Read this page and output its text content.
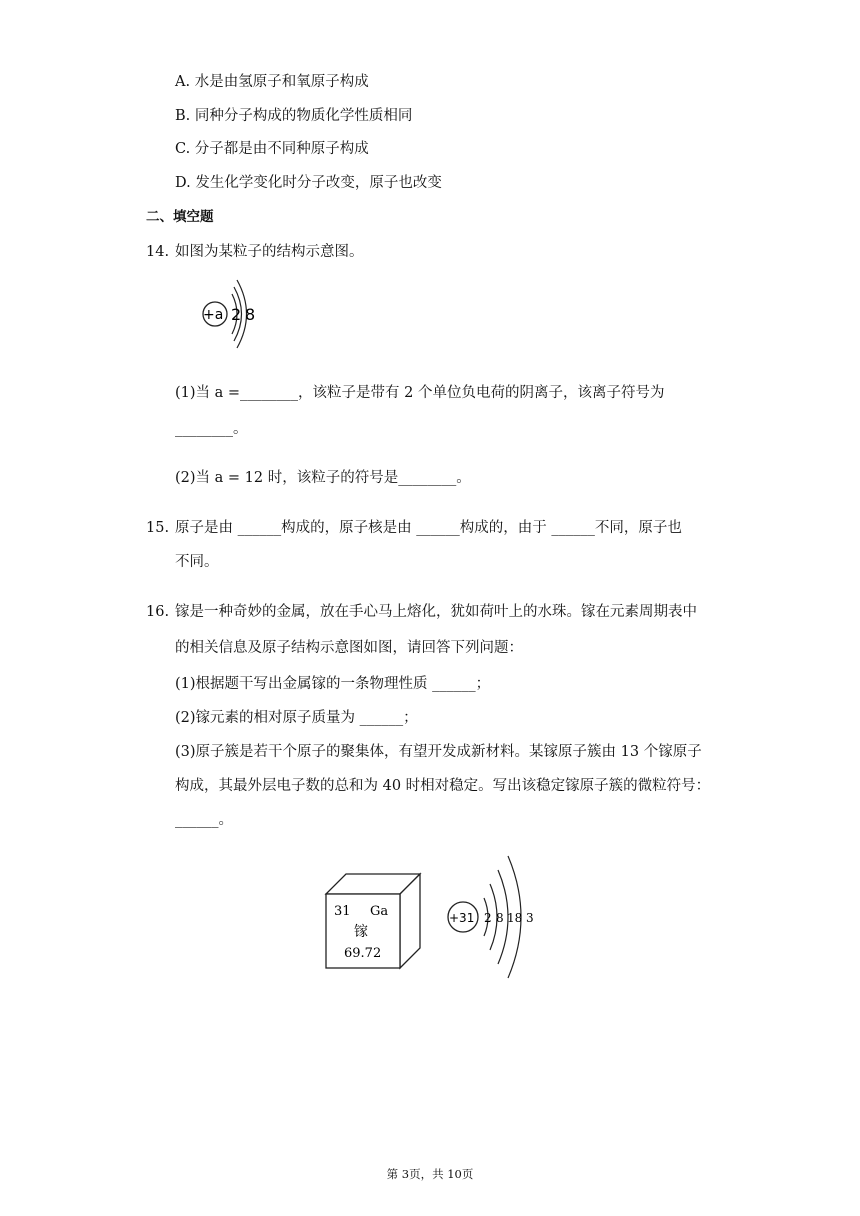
A. 水是由氢原子和氧原子构成
B. 同种分子构成的物质化学性质相同
C. 分子都是由不同种原子构成
D. 发生化学变化时分子改变，原子也改变
二、填空题
14. 如图为某粒子的结构示意图。
+a 2 8
(1)当 a =________，该粒子是带有 2 个单位负电荷的阴离子，该离子符号为
________。
(2)当 a = 12 时，该粒子的符号是________。
15. 原子是由 ______构成的，原子核是由 ______构成的，由于 ______不同，原子也
不同。
16. 镓是一种奇妙的金属，放在手心马上熔化，犹如荷叶上的水珠。镓在元素周期表中
的相关信息及原子结构示意图如图，请回答下列问题：
(1)根据题干写出金属镓的一条物理性质 ______；
(2)镓元素的相对原子质量为 ______；
(3)原子簇是若干个原子的聚集体，有望开发成新材料。某镓原子簇由 13 个镓原子
构成，其最外层电子数的总和为 40 时相对稳定。写出该稳定镓原子簇的微粒符号：
______。
31 Ga
镓
69.72
+31 2 8 18 3
第 3页，共 10页
